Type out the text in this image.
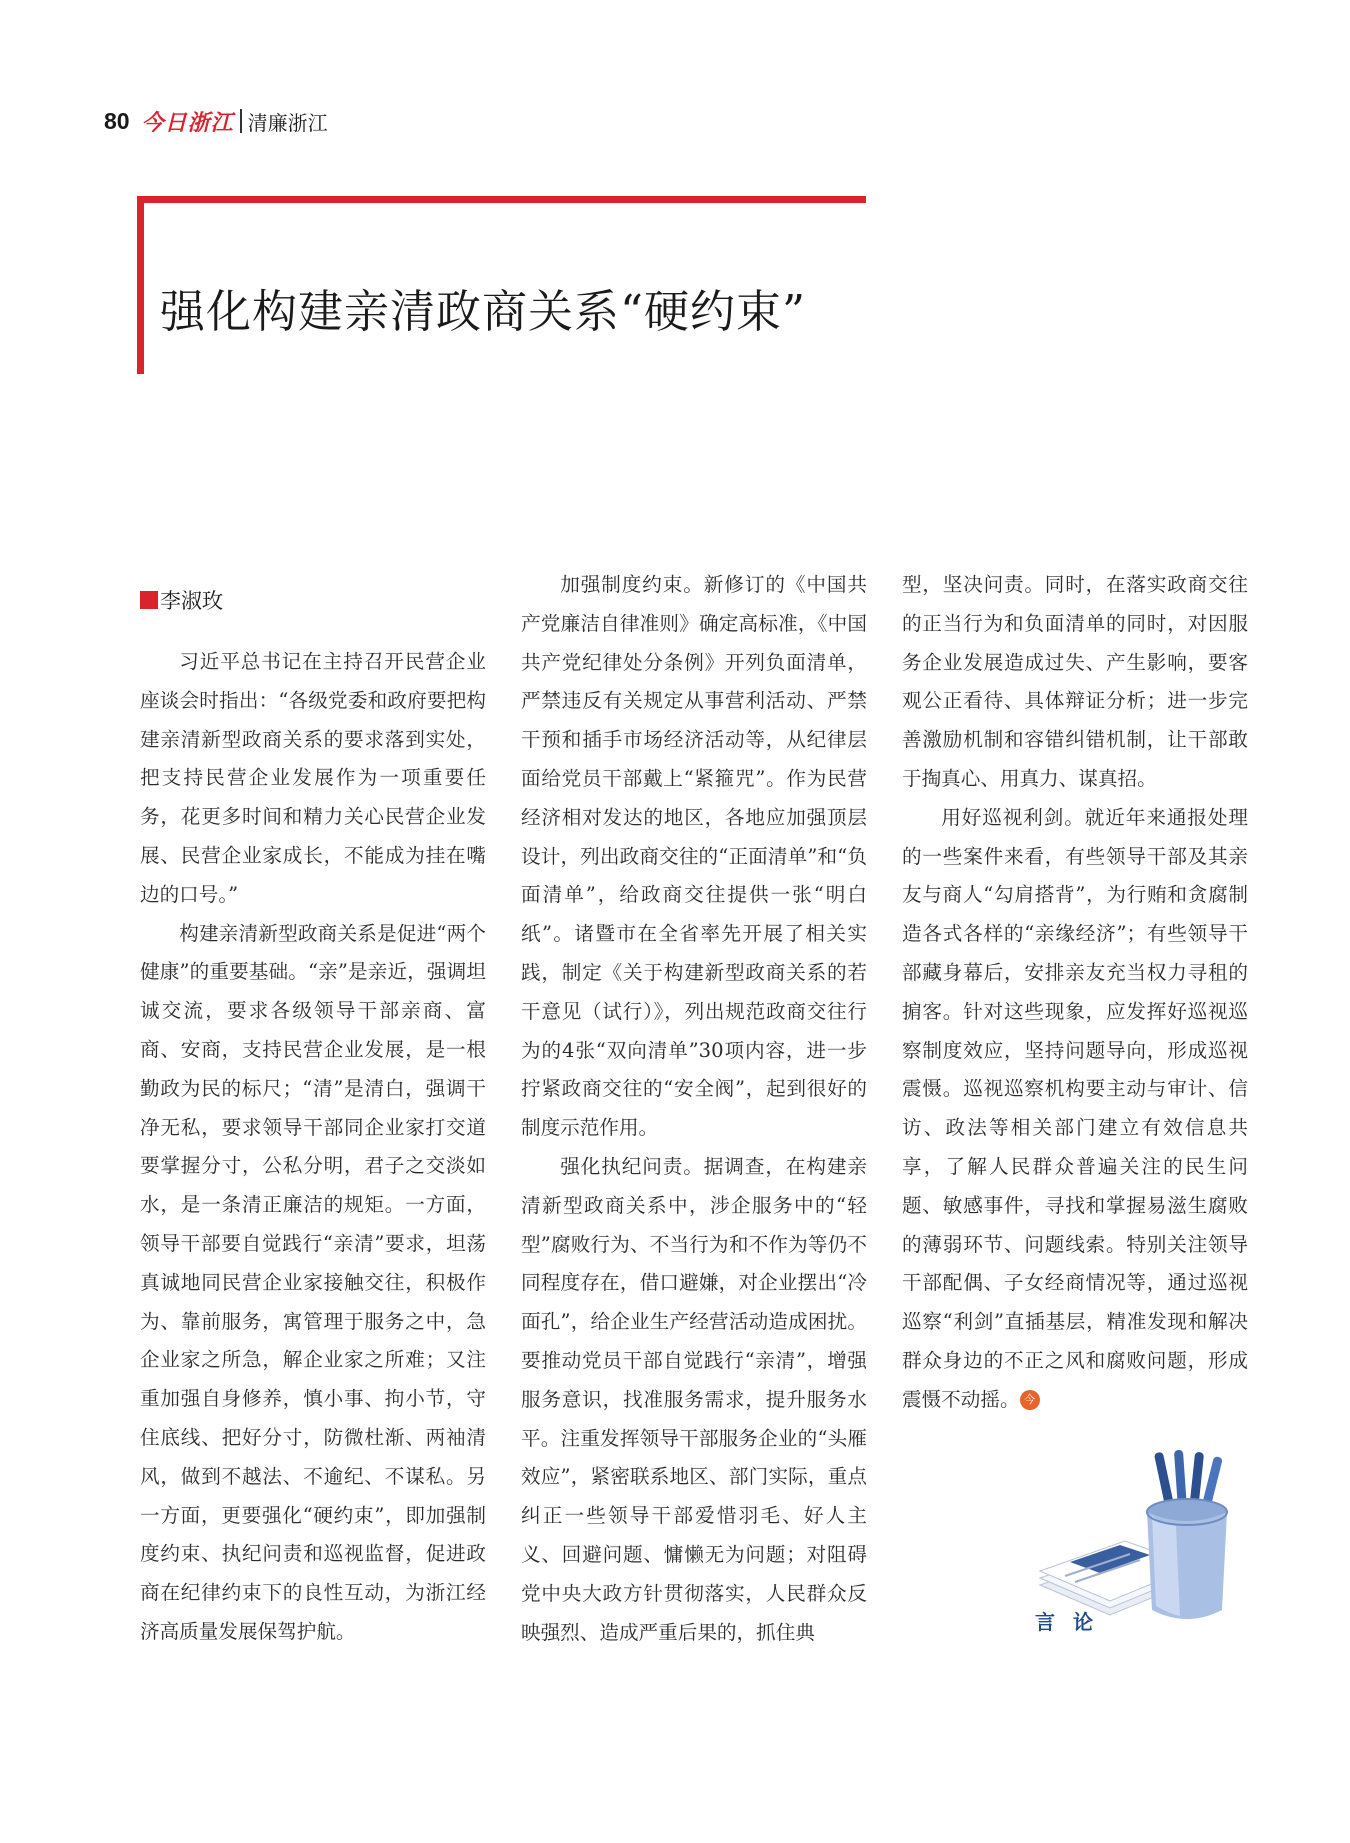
80 今日浙江 清廉浙江
强化构建亲清政商关系“硬约束”
李淑玫

习近平总书记在主持召开民营企业座谈会时指出：“各级党委和政府要把构建亲清新型政商关系的要求落到实处，把支持民营企业发展作为一项重要任务，花更多时间和精力关心民营企业发展、民营企业家成长，不能成为挂在嘴边的口号。”

构建亲清新型政商关系是促进“两个健康”的重要基础。“亲”是亲近，强调坦诚交流，要求各级领导干部亲商、富商、安商，支持民营企业发展，是一根勤政为民的标尺；“清”是清白，强调干净无私，要求领导干部同企业家打交道要掌握分寸，公私分明，君子之交淡如水，是一条清正廉洁的规矩。一方面，领导干部要自觉践行“亲清”要求，坦荡真诚地同民营企业家接触交往，积极作为、靠前服务，寓管理于服务之中，急企业家之所急，解企业家之所难；又注重加强自身修养，慎小事、拘小节，守住底线、把好分寸，防微杜渐、两袖清风，做到不越法、不逾纪、不谋私。另一方面，更要强化“硬约束”，即加强制度约束、执纪问责和巡视监督，促进政商在纪律约束下的良性互动，为浙江经济高质量发展保驾护航。

加强制度约束。新修订的《中国共产党廉洁自律准则》确定高标准，《中国共产党纪律处分条例》开列负面清单，严禁违反有关规定从事营利活动、严禁干预和插手市场经济活动等，从纪律层面给党员干部戴上“紧箍咒”。作为民营经济相对发达的地区，各地应加强顶层设计，列出政商交往的“正面清单”和“负面清单”，给政商交往提供一张“明白纸”。诸暨市在全省率先开展了相关实践，制定《关于构建新型政商关系的若干意见（试行）》，列出规范政商交往行为的4张“双向清单”30项内容，进一步拧紧政商交往的“安全阀”，起到很好的制度示范作用。

强化执纪问责。据调查，在构建亲清新型政商关系中，涉企服务中的“轻型”腐败行为、不当行为和不作为等仍不同程度存在，借口避嫌，对企业摆出“冷面孔”，给企业生产经营活动造成困扰。要推动党员干部自觉践行“亲清”，增强服务意识，找准服务需求，提升服务水平。注重发挥领导干部服务企业的“头雁效应”，紧密联系地区、部门实际，重点纠正一些领导干部爱惜羽毛、好人主义、回避问题、慵懒无为问题；对阻碍党中央大政方针贯彻落实，人民群众反映强烈、造成严重后果的，抓住典

型，坚决问责。同时，在落实政商交往的正当行为和负面清单的同时，对因服务企业发展造成过失、产生影响，要客观公正看待、具体辩证分析；进一步完善激励机制和容错纠错机制，让干部敢于掏真心、用真力、谋真招。

用好巡视利剑。就近年来通报处理的一些案件来看，有些领导干部及其亲友与商人“勾肩搭背”，为行贿和贪腐制造各式各样的“亲缘经济”；有些领导干部藏身幕后，安排亲友充当权力寻租的掮客。针对这些现象，应发挥好巡视巡察制度效应，坚持问题导向，形成巡视震慑。巡视巡察机构要主动与审计、信访、政法等相关部门建立有效信息共享，了解人民群众普遍关注的民生问题、敏感事件，寻找和掌握易滋生腐败的薄弱环节、问题线索。特别关注领导干部配偶、子女经商情况等，通过巡视巡察“利剑”直插基层，精准发现和解决群众身边的不正之风和腐败问题，形成震慑不动摇。 今

言论
